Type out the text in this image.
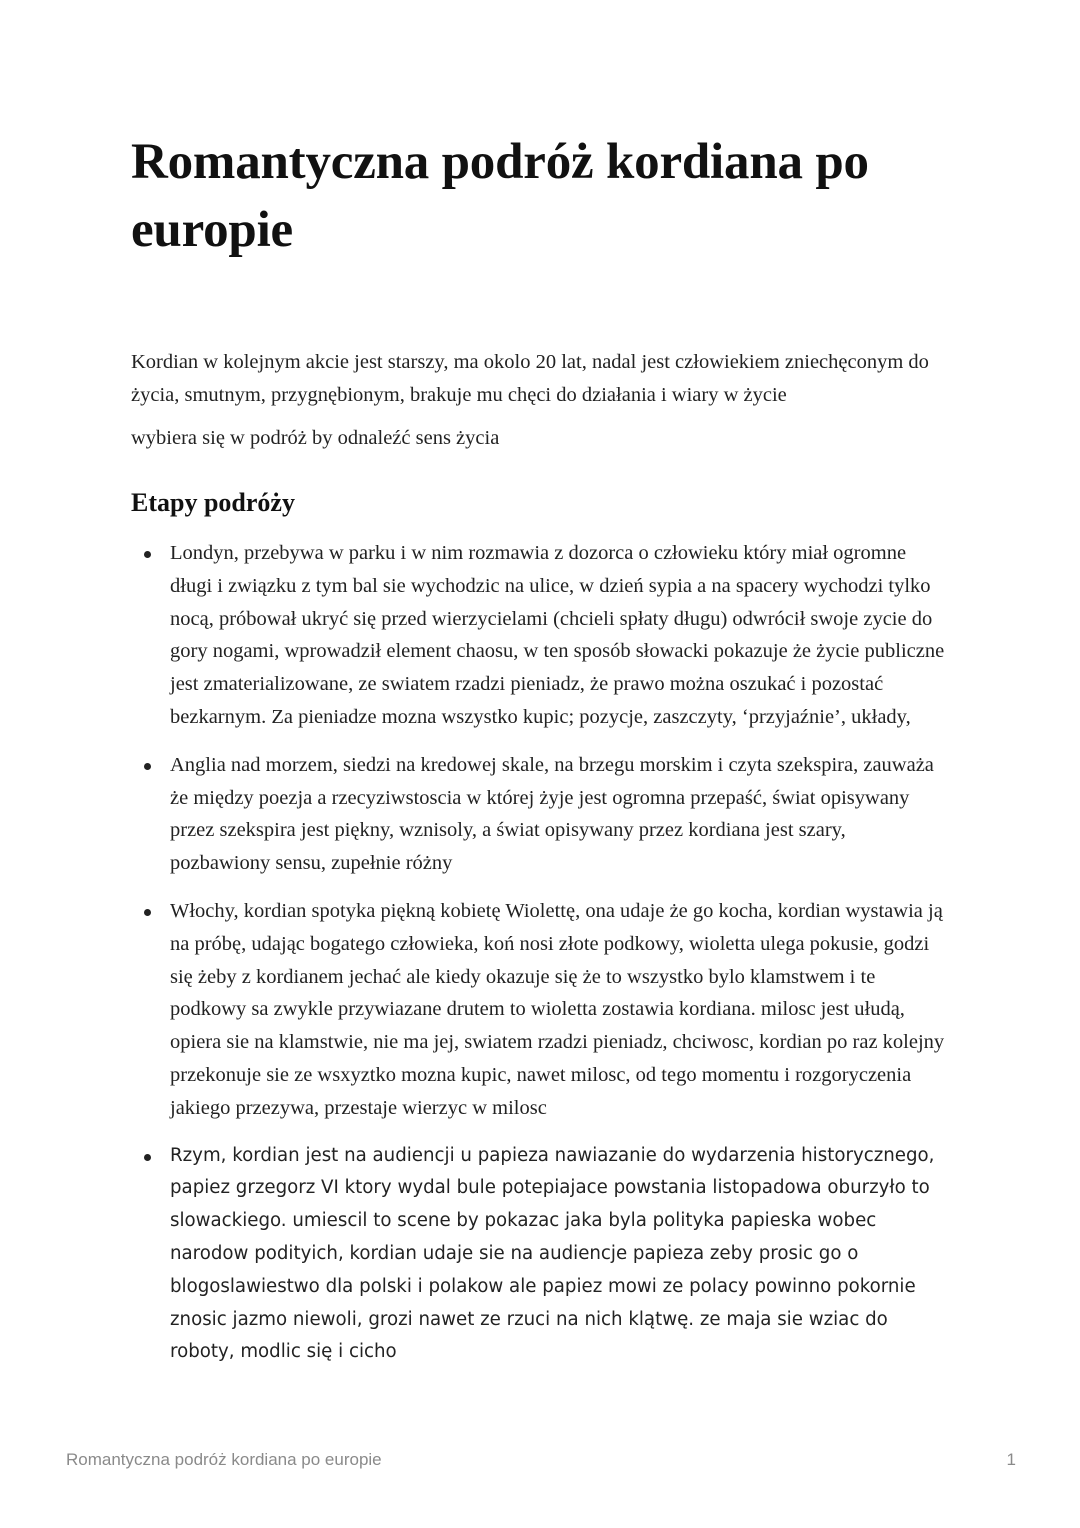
Romantyczna podróż kordiana po europie

Kordian w kolejnym akcie jest starszy, ma okolo 20 lat, nadal jest człowiekiem zniechęconym do życia, smutnym, przygnębionym, brakuje mu chęci do działania i wiary w życie

wybiera się w podróż by odnaleźć sens życia

Etapy podróży
Londyn, przebywa w parku i w nim rozmawia z dozorca o człowieku który miał ogromne długi i związku z tym bal sie wychodzic na ulice, w dzień sypia a na spacery wychodzi tylko nocą, próbował ukryć się przed wierzycielami (chcieli spłaty długu) odwrócił swoje zycie do gory nogami, wprowadził element chaosu, w ten sposób słowacki pokazuje że życie publiczne jest zmaterializowane, ze swiatem rzadzi pieniadz, że prawo można oszukać i pozostać bezkarnym. Za pieniadze mozna wszystko kupic; pozycje, zaszczyty, ‘przyjaźnie’, układy,
Anglia nad morzem, siedzi na kredowej skale, na brzegu morskim i czyta szekspira, zauważa że między poezja a rzecyziwstoscia w której żyje jest ogromna przepaść, świat opisywany przez szekspira jest piękny, wznisoly, a świat opisywany przez kordiana jest szary, pozbawiony sensu, zupełnie różny
Włochy, kordian spotyka piękną kobietę Wiolettę, ona udaje że go kocha, kordian wystawia ją na próbę, udając bogatego człowieka, koń nosi złote podkowy, wioletta ulega pokusie, godzi się żeby z kordianem jechać ale kiedy okazuje się że to wszystko bylo klamstwem i te podkowy sa zwykle przywiazane drutem to wioletta zostawia kordiana. milosc jest ułudą, opiera sie na klamstwie, nie ma jej, swiatem rzadzi pieniadz, chciwosc, kordian po raz kolejny przekonuje sie ze wsxyztko mozna kupic, nawet milosc, od tego momentu i rozgoryczenia jakiego przezywa, przestaje wierzyc w milosc
Rzym, kordian jest na audiencji u papieza nawiazanie do wydarzenia historycznego, papiez grzegorz VI ktory wydal bule potepiajace powstania listopadowa oburzyło to slowackiego. umiescil to scene by pokazac jaka byla polityka papieska wobec narodow podityich, kordian udaje sie na audiencje papieza zeby prosic go o blogoslawiestwo dla polski i polakow ale papiez mowi ze polacy powinno pokornie znosic jazmo niewoli, grozi nawet ze rzuci na nich klątwę. ze maja sie wziac do roboty, modlic się i cicho
Romantyczna podróż kordiana po europie	1
